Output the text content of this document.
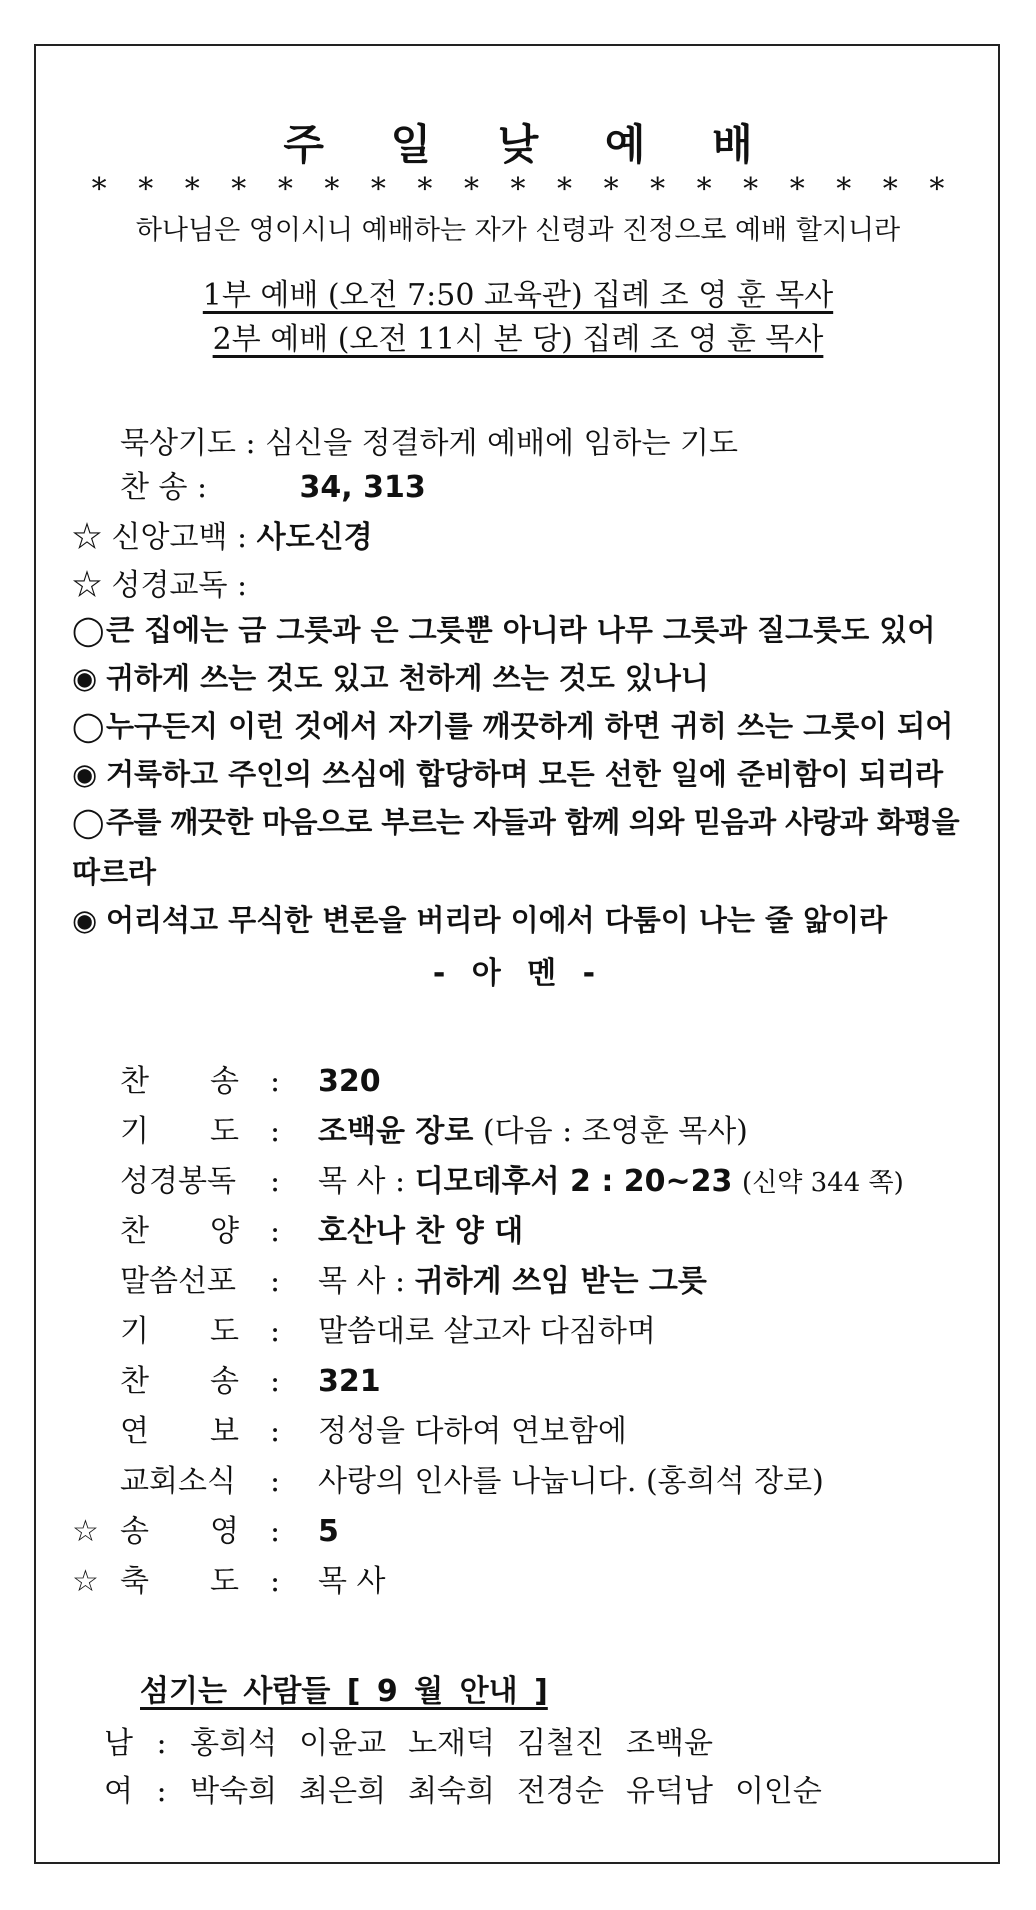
주 일 낮 예 배
* * * * * * * * * * * * * * * * * * *
하나님은 영이시니 예배하는 자가 신령과 진정으로 예배 할지니라
1부 예배 (오전 7:50 교육관) 집례 조 영 훈 목사
2부 예배 (오전 11시 본 당) 집례 조 영 훈 목사
묵상기도 : 심신을 정결하게 예배에 임하는 기도
찬 송 :	34, 313
☆ 신앙고백 : 사도신경
☆ 성경교독 :
◯큰 집에는 금 그릇과 은 그릇뿐 아니라 나무 그릇과 질그릇도 있어
◉ 귀하게 쓰는 것도 있고 천하게 쓰는 것도 있나니
◯누구든지 이런 것에서 자기를 깨끗하게 하면 귀히 쓰는 그릇이 되어
◉ 거룩하고 주인의 쓰심에 합당하며 모든 선한 일에 준비함이 되리라
◯주를 깨끗한 마음으로 부르는 자들과 함께 의와 믿음과 사랑과 화평을
따르라
◉ 어리석고 무식한 변론을 버리라 이에서 다툼이 나는 줄 앎이라
- 아 멘 -
찬 송 : 320
기 도 : 조백윤 장로 (다음 : 조영훈 목사)
성경봉독 : 목 사 : 디모데후서 2 : 20~23 (신약 344 쪽)
찬 양 : 호산나 찬 양 대
말씀선포 : 목 사 : 귀하게 쓰임 받는 그릇
기 도 : 말씀대로 살고자 다짐하며
찬 송 : 321
연 보 : 정성을 다하여 연보함에
교회소식 : 사랑의 인사를 나눕니다. (홍희석 장로)
☆ 송 영 : 5
☆ 축 도 : 목 사
섬기는 사람들 [ 9 월 안내 ]
남 : 홍희석 이윤교 노재덕 김철진 조백윤
여 : 박숙희 최은희 최숙희 전경순 유덕남 이인순
